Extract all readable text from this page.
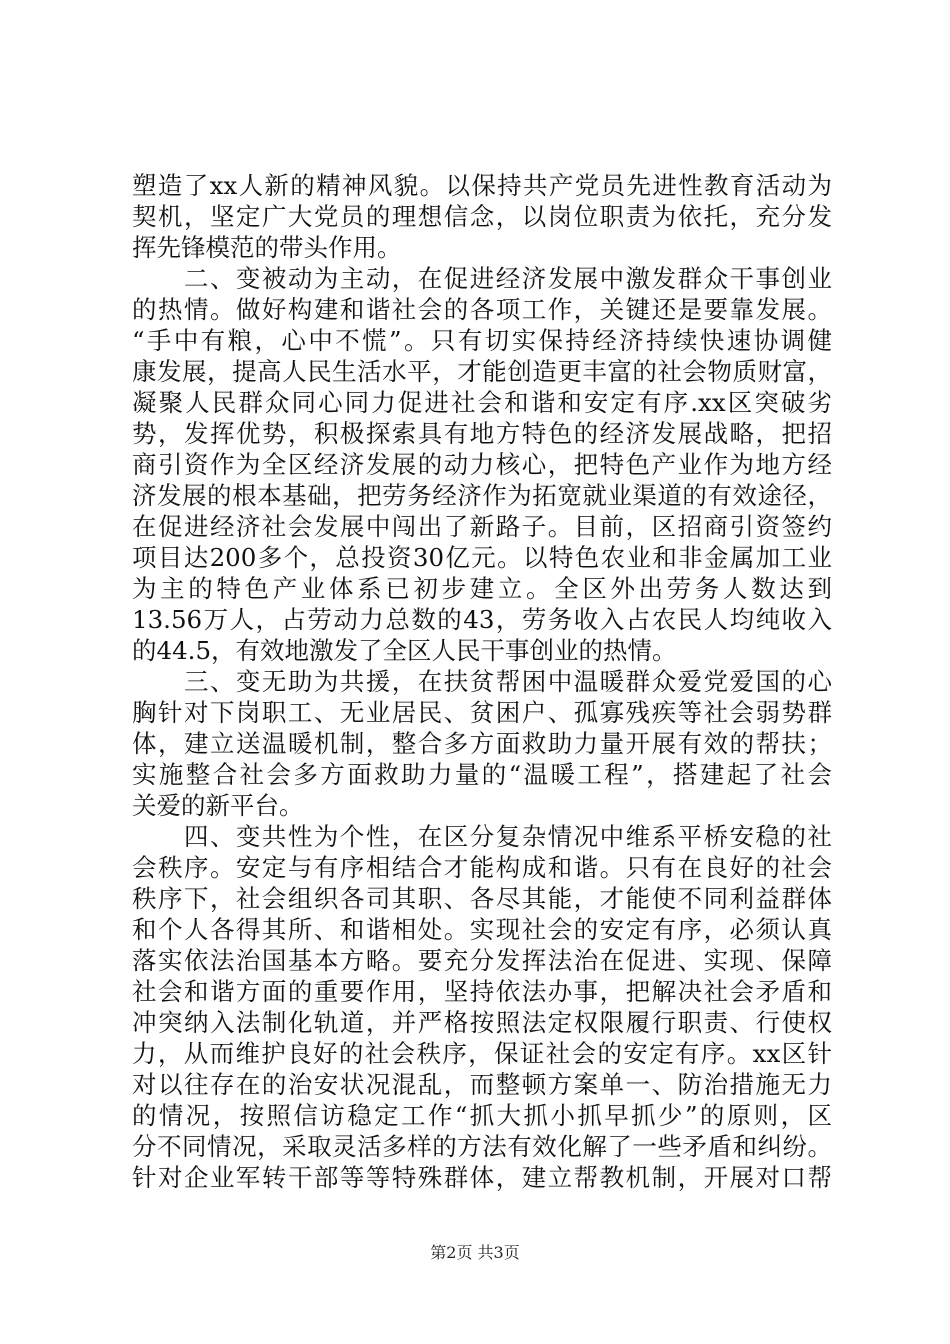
塑造了xx人新的精神风貌。以保持共产党员先进性教育活动为
契机，坚定广大党员的理想信念，以岗位职责为依托，充分发
挥先锋模范的带头作用。
　　二、变被动为主动，在促进经济发展中激发群众干事创业
的热情。做好构建和谐社会的各项工作，关键还是要靠发展。
“手中有粮，心中不慌”。只有切实保持经济持续快速协调健
康发展，提高人民生活水平，才能创造更丰富的社会物质财富，
凝聚人民群众同心同力促进社会和谐和安定有序.xx区突破劣
势，发挥优势，积极探索具有地方特色的经济发展战略，把招
商引资作为全区经济发展的动力核心，把特色产业作为地方经
济发展的根本基础，把劳务经济作为拓宽就业渠道的有效途径，
在促进经济社会发展中闯出了新路子。目前，区招商引资签约
项目达200多个，总投资30亿元。以特色农业和非金属加工业
为主的特色产业体系已初步建立。全区外出劳务人数达到
13.56万人，占劳动力总数的43，劳务收入占农民人均纯收入
的44.5，有效地激发了全区人民干事创业的热情。
　　三、变无助为共援，在扶贫帮困中温暖群众爱党爱国的心
胸针对下岗职工、无业居民、贫困户、孤寡残疾等社会弱势群
体，建立送温暖机制，整合多方面救助力量开展有效的帮扶；
实施整合社会多方面救助力量的“温暖工程”，搭建起了社会
关爱的新平台。
　　四、变共性为个性，在区分复杂情况中维系平桥安稳的社
会秩序。安定与有序相结合才能构成和谐。只有在良好的社会
秩序下，社会组织各司其职、各尽其能，才能使不同利益群体
和个人各得其所、和谐相处。实现社会的安定有序，必须认真
落实依法治国基本方略。要充分发挥法治在促进、实现、保障
社会和谐方面的重要作用，坚持依法办事，把解决社会矛盾和
冲突纳入法制化轨道，并严格按照法定权限履行职责、行使权
力，从而维护良好的社会秩序，保证社会的安定有序。xx区针
对以往存在的治安状况混乱，而整顿方案单一、防治措施无力
的情况，按照信访稳定工作“抓大抓小抓早抓少”的原则，区
分不同情况，采取灵活多样的方法有效化解了一些矛盾和纠纷。
针对企业军转干部等等特殊群体，建立帮教机制，开展对口帮
第2页 共3页
